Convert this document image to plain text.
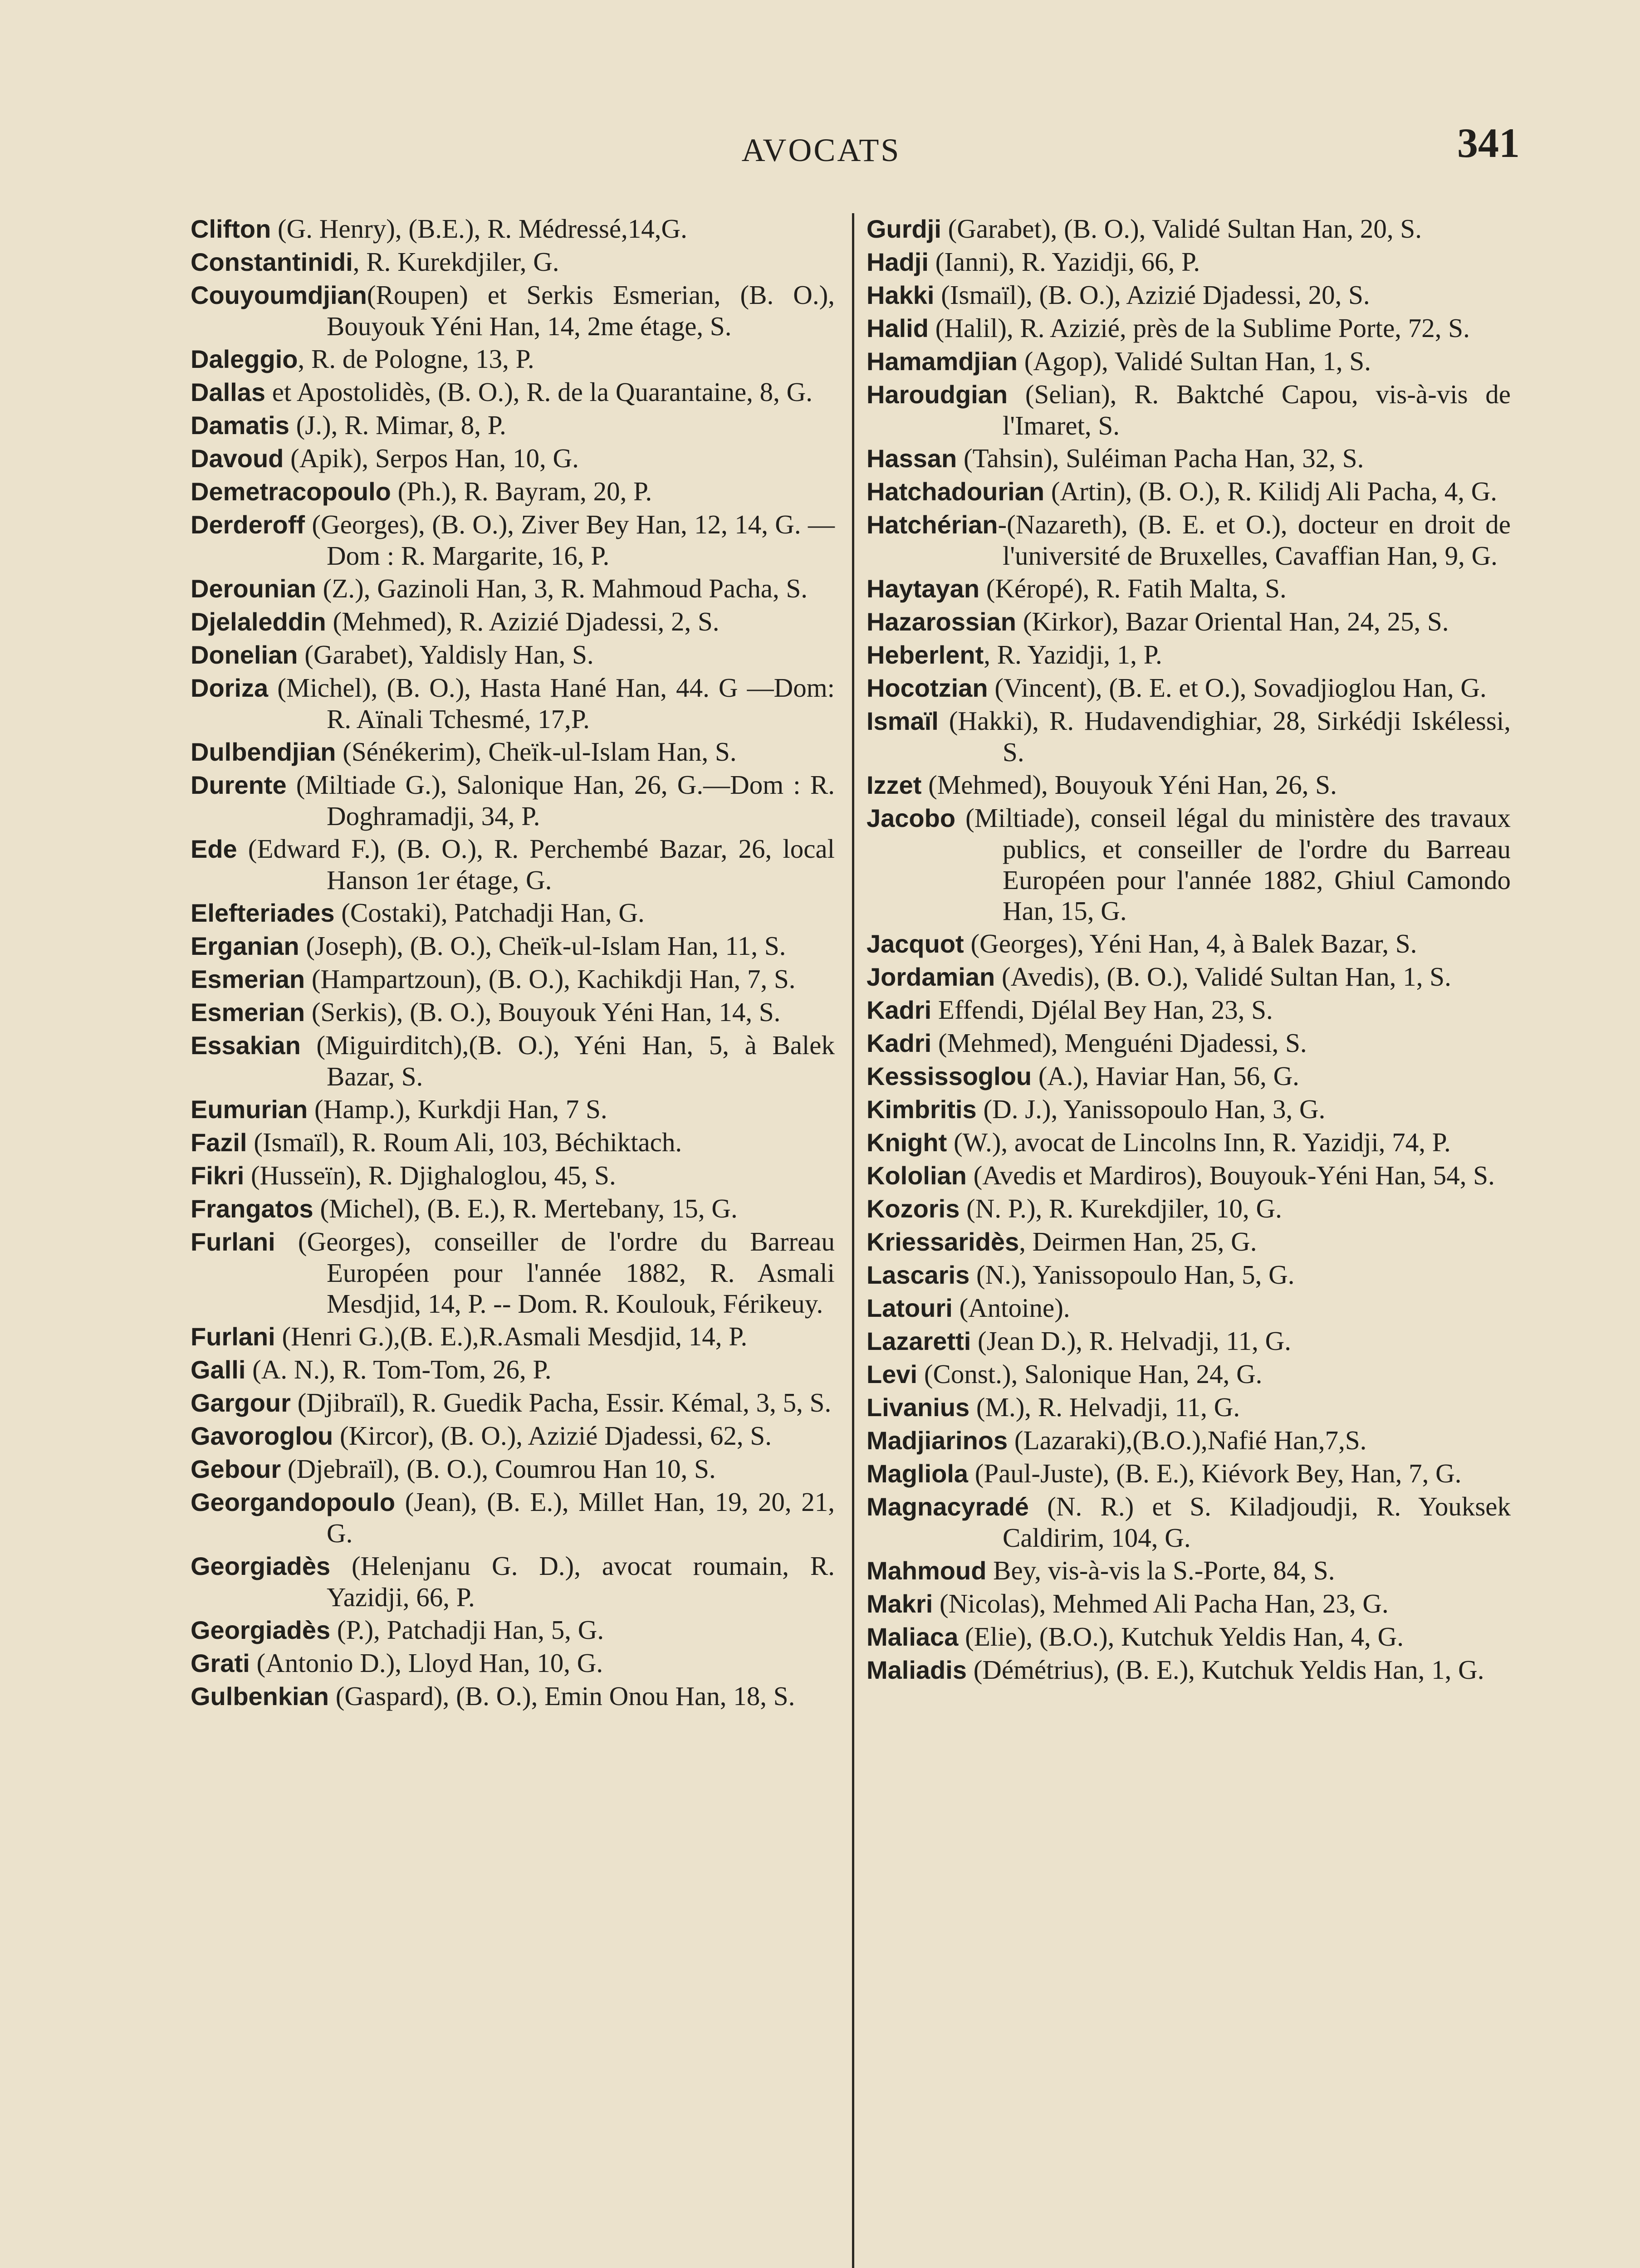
AVOCATS	341

Clifton (G. Henry), (B.E.), R. Médressé,14,G.

Constantinidi, R. Kurekdjiler, G.

Couyoumdjian(Roupen) et Serkis Esmerian, (B. O.), Bouyouk Yéni Han, 14, 2me étage, S.

Daleggio, R. de Pologne, 13, P.

Dallas et Apostolidès, (B. O.), R. de la Quarantaine, 8, G.

Damatis (J.), R. Mimar, 8, P.

Davoud (Apik), Serpos Han, 10, G.

Demetracopoulo (Ph.), R. Bayram, 20, P.

Derderoff (Georges), (B. O.), Ziver Bey Han, 12, 14, G. — Dom : R. Margarite, 16, P.

Derounian (Z.), Gazinoli Han, 3, R. Mahmoud Pacha, S.

Djelaleddin (Mehmed), R. Azizié Djadessi, 2, S.

Donelian (Garabet), Yaldisly Han, S.

Doriza (Michel), (B. O.), Hasta Hané Han, 44. G —Dom: R. Aïnali Tchesmé, 17,P.

Dulbendjian (Sénékerim), Cheïk-ul-Islam Han, S.

Durente (Miltiade G.), Salonique Han, 26, G.—Dom : R. Doghramadji, 34, P.

Ede (Edward F.), (B. O.), R. Perchembé Bazar, 26, local Hanson 1er étage, G.

Elefteriades (Costaki), Patchadji Han, G.

Erganian (Joseph), (B. O.), Cheïk-ul-Islam Han, 11, S.

Esmerian (Hampartzoun), (B. O.), Kachikdji Han, 7, S.

Esmerian (Serkis), (B. O.), Bouyouk Yéni Han, 14, S.

Essakian (Miguirditch),(B. O.), Yéni Han, 5, à Balek Bazar, S.

Eumurian (Hamp.), Kurkdji Han, 7 S.

Fazil (Ismaïl), R. Roum Ali, 103, Béchiktach.

Fikri (Husseïn), R. Djighaloglou, 45, S.

Frangatos (Michel), (B. E.), R. Mertebany, 15, G.

Furlani (Georges), conseiller de l'ordre du Barreau Européen pour l'année 1882, R. Asmali Mesdjid, 14, P. -- Dom. R. Koulouk, Férikeuy.

Furlani (Henri G.),(B. E.),R.Asmali Mesdjid, 14, P.

Galli (A. N.), R. Tom-Tom, 26, P.

Gargour (Djibraïl), R. Guedik Pacha, Essir. Kémal, 3, 5, S.

Gavoroglou (Kircor), (B. O.), Azizié Djadessi, 62, S.

Gebour (Djebraïl), (B. O.), Coumrou Han 10, S.

Georgandopoulo (Jean), (B. E.), Millet Han, 19, 20, 21, G.

Georgiadès (Helenjanu G. D.), avocat roumain, R. Yazidji, 66, P.

Georgiadès (P.), Patchadji Han, 5, G.

Grati (Antonio D.), Lloyd Han, 10, G.

Gulbenkian (Gaspard), (B. O.), Emin Onou Han, 18, S.

Gurdji (Garabet), (B. O.), Validé Sultan Han, 20, S.

Hadji (Ianni), R. Yazidji, 66, P.

Hakki (Ismaïl), (B. O.), Azizié Djadessi, 20, S.

Halid (Halil), R. Azizié, près de la Sublime Porte, 72, S.

Hamamdjian (Agop), Validé Sultan Han, 1, S.

Haroudgian (Selian), R. Baktché Capou, vis-à-vis de l'Imaret, S.

Hassan (Tahsin), Suléiman Pacha Han, 32, S.

Hatchadourian (Artin), (B. O.), R. Kilidj Ali Pacha, 4, G.

Hatchérian-(Nazareth), (B. E. et O.), docteur en droit de l'université de Bruxelles, Cavaffian Han, 9, G.

Haytayan (Kéropé), R. Fatih Malta, S.

Hazarossian (Kirkor), Bazar Oriental Han, 24, 25, S.

Heberlent, R. Yazidji, 1, P.

Hocotzian (Vincent), (B. E. et O.), Sovadjioglou Han, G.

Ismaïl (Hakki), R. Hudavendighiar, 28, Sirkédji Iskélessi, S.

Izzet (Mehmed), Bouyouk Yéni Han, 26, S.

Jacobo (Miltiade), conseil légal du ministère des travaux publics, et conseiller de l'ordre du Barreau Européen pour l'année 1882, Ghiul Camondo Han, 15, G.

Jacquot (Georges), Yéni Han, 4, à Balek Bazar, S.

Jordamian (Avedis), (B. O.), Validé Sultan Han, 1, S.

Kadri Effendi, Djélal Bey Han, 23, S.

Kadri (Mehmed), Menguéni Djadessi, S.

Kessissoglou (A.), Haviar Han, 56, G.

Kimbritis (D. J.), Yanissopoulo Han, 3, G.

Knight (W.), avocat de Lincolns Inn, R. Yazidji, 74, P.

Kololian (Avedis et Mardiros), Bouyouk-Yéni Han, 54, S.

Kozoris (N. P.), R. Kurekdjiler, 10, G.

Kriessaridès, Deirmen Han, 25, G.

Lascaris (N.), Yanissopoulo Han, 5, G.

Latouri (Antoine).

Lazaretti (Jean D.), R. Helvadji, 11, G.

Levi (Const.), Salonique Han, 24, G.

Livanius (M.), R. Helvadji, 11, G.

Madjiarinos (Lazaraki),(B.O.),Nafié Han,7,S.

Magliola (Paul-Juste), (B. E.), Kiévork Bey, Han, 7, G.

Magnacyradé (N. R.) et S. Kiladjoudji, R. Youksek Caldirim, 104, G.

Mahmoud Bey, vis-à-vis la S.-Porte, 84, S.

Makri (Nicolas), Mehmed Ali Pacha Han, 23, G.

Maliaca (Elie), (B.O.), Kutchuk Yeldis Han, 4, G.

Maliadis (Démétrius), (B. E.), Kutchuk Yeldis Han, 1, G.
